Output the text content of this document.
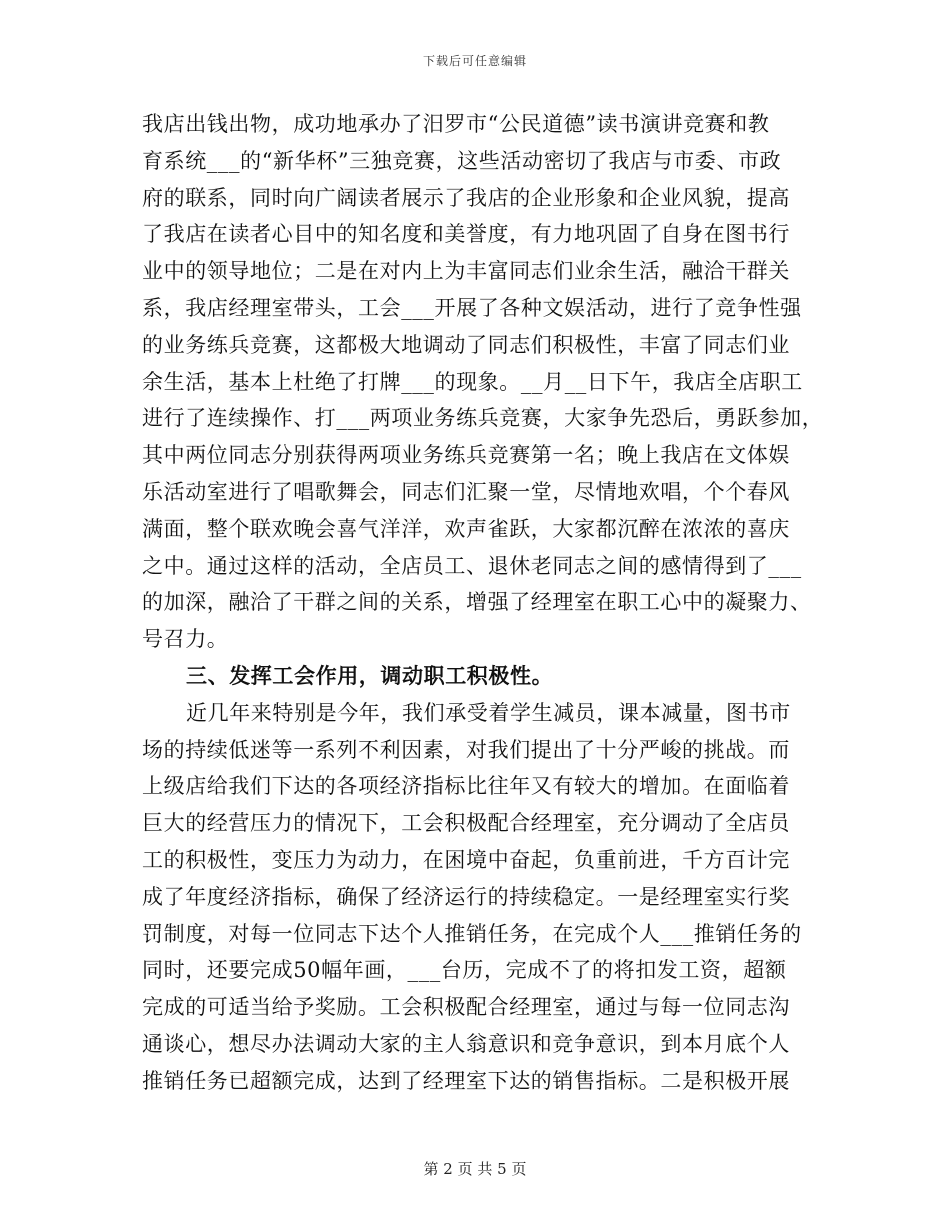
下载后可任意编辑
我店出钱出物，成功地承办了汨罗市“公民道德”读书演讲竞赛和教
育系统___的“新华杯”三独竞赛，这些活动密切了我店与市委、市政
府的联系，同时向广阔读者展示了我店的企业形象和企业风貌，提高
了我店在读者心目中的知名度和美誉度，有力地巩固了自身在图书行
业中的领导地位；二是在对内上为丰富同志们业余生活，融洽干群关
系，我店经理室带头，工会___开展了各种文娱活动，进行了竞争性强
的业务练兵竞赛，这都极大地调动了同志们积极性，丰富了同志们业
余生活，基本上杜绝了打牌___的现象。__月__日下午，我店全店职工
进行了连续操作、打___两项业务练兵竞赛，大家争先恐后，勇跃参加，
其中两位同志分别获得两项业务练兵竞赛第一名；晚上我店在文体娱
乐活动室进行了唱歌舞会，同志们汇聚一堂，尽情地欢唱，个个春风
满面，整个联欢晚会喜气洋洋，欢声雀跃，大家都沉醉在浓浓的喜庆
之中。通过这样的活动，全店员工、退休老同志之间的感情得到了___
的加深，融洽了干群之间的关系，增强了经理室在职工心中的凝聚力、
号召力。
三、发挥工会作用，调动职工积极性。
近几年来特别是今年，我们承受着学生减员，课本减量，图书市
场的持续低迷等一系列不利因素，对我们提出了十分严峻的挑战。而
上级店给我们下达的各项经济指标比往年又有较大的增加。在面临着
巨大的经营压力的情况下，工会积极配合经理室，充分调动了全店员
工的积极性，变压力为动力，在困境中奋起，负重前进，千方百计完
成了年度经济指标，确保了经济运行的持续稳定。一是经理室实行奖
罚制度，对每一位同志下达个人推销任务，在完成个人___推销任务的
同时，还要完成50幅年画，___台历，完成不了的将扣发工资，超额
完成的可适当给予奖励。工会积极配合经理室，通过与每一位同志沟
通谈心，想尽办法调动大家的主人翁意识和竞争意识，到本月底个人
推销任务已超额完成，达到了经理室下达的销售指标。二是积极开展
第 2 页 共 5 页
